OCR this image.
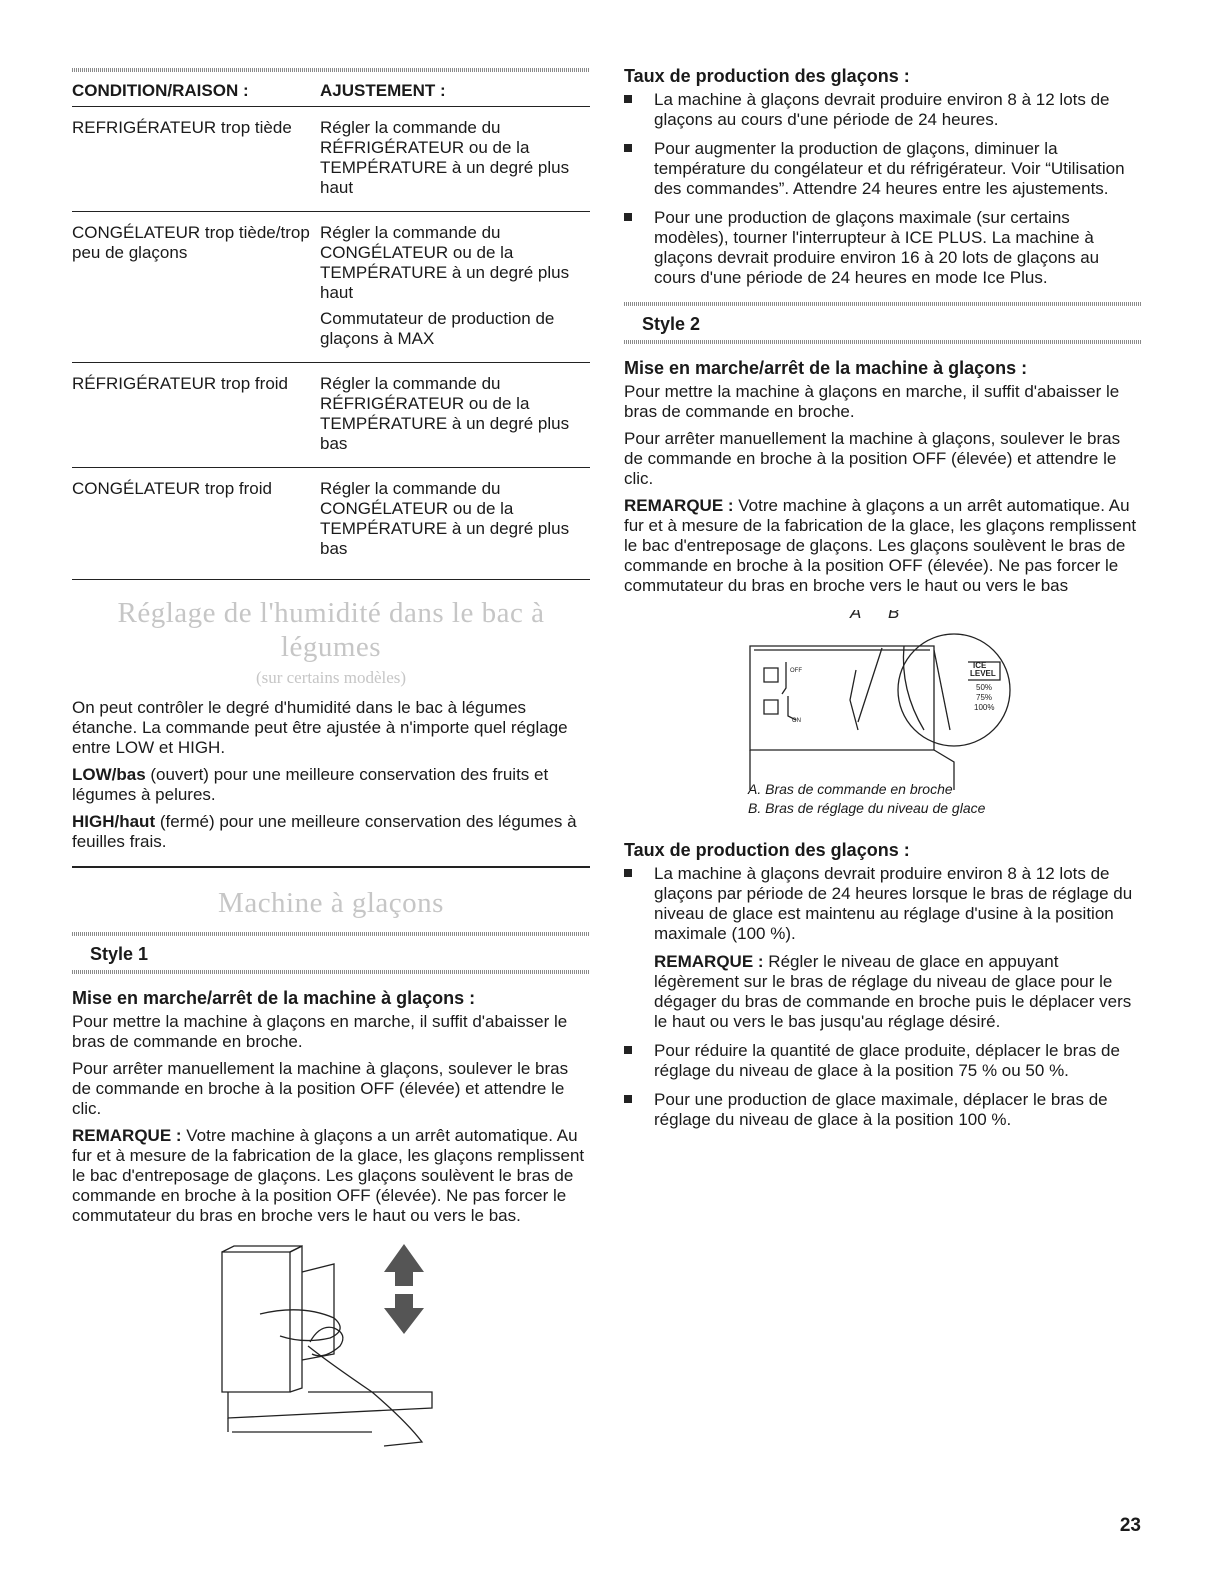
CONDITION/RAISON :	AJUSTEMENT :
REFRIGÉRATEUR trop tiède	Régler la commande du RÉFRIGÉRATEUR ou de la TEMPÉRATURE à un degré plus haut

CONGÉLATEUR trop tiède/trop peu de glaçons	Régler la commande du CONGÉLATEUR ou de la TEMPÉRATURE à un degré plus haut

Commutateur de production de glaçons à MAX

RÉFRIGÉRATEUR trop froid	Régler la commande du RÉFRIGÉRATEUR ou de la TEMPÉRATURE à un degré plus bas

CONGÉLATEUR trop froid	Régler la commande du CONGÉLATEUR ou de la TEMPÉRATURE à un degré plus bas

Réglage de l'humidité dans le bac à légumes
(sur certains modèles)

On peut contrôler le degré d'humidité dans le bac à légumes étanche. La commande peut être ajustée à n'importe quel réglage entre LOW et HIGH.

LOW/bas (ouvert) pour une meilleure conservation des fruits et légumes à pelures.

HIGH/haut (fermé) pour une meilleure conservation des légumes à feuilles frais.

Machine à glaçons
Style 1
Mise en marche/arrêt de la machine à glaçons :

Pour mettre la machine à glaçons en marche, il suffit d'abaisser le bras de commande en broche.

Pour arrêter manuellement la machine à glaçons, soulever le bras de commande en broche à la position OFF (élevée) et attendre le clic.

REMARQUE : Votre machine à glaçons a un arrêt automatique. Au fur et à mesure de la fabrication de la glace, les glaçons remplissent le bac d'entreposage de glaçons. Les glaçons soulèvent le bras de commande en broche à la position OFF (élevée). Ne pas forcer le commutateur du bras en broche vers le haut ou vers le bas.

Taux de production des glaçons :
La machine à glaçons devrait produire environ 8 à 12 lots de glaçons au cours d'une période de 24 heures.
Pour augmenter la production de glaçons, diminuer la température du congélateur et du réfrigérateur. Voir “Utilisation des commandes”. Attendre 24 heures entre les ajustements.
Pour une production de glaçons maximale (sur certains modèles), tourner l'interrupteur à ICE PLUS. La machine à glaçons devrait produire environ 16 à 20 lots de glaçons au cours d'une période de 24 heures en mode Ice Plus.
Style 2
Mise en marche/arrêt de la machine à glaçons :

Pour mettre la machine à glaçons en marche, il suffit d'abaisser le bras de commande en broche.

Pour arrêter manuellement la machine à glaçons, soulever le bras de commande en broche à la position OFF (élevée) et attendre le clic.

REMARQUE : Votre machine à glaçons a un arrêt automatique. Au fur et à mesure de la fabrication de la glace, les glaçons remplissent le bac d'entreposage de glaçons. Les glaçons soulèvent le bras de commande en broche à la position OFF (élevée). Ne pas forcer le commutateur du bras en broche vers le haut ou vers le bas

A B
ICE
LEVEL
50%
75%
100%
OFF
ON
A. Bras de commande en broche
B. Bras de réglage du niveau de glace
Taux de production des glaçons :
La machine à glaçons devrait produire environ 8 à 12 lots de glaçons par période de 24 heures lorsque le bras de réglage du niveau de glace est maintenu au réglage d'usine à la position maximale (100 %).

REMARQUE : Régler le niveau de glace en appuyant légèrement sur le bras de réglage du niveau de glace pour le dégager du bras de commande en broche puis le déplacer vers le haut ou vers le bas jusqu'au réglage désiré.

Pour réduire la quantité de glace produite, déplacer le bras de réglage du niveau de glace à la position 75 % ou 50 %.
Pour une production de glace maximale, déplacer le bras de réglage du niveau de glace à la position 100 %.
23
